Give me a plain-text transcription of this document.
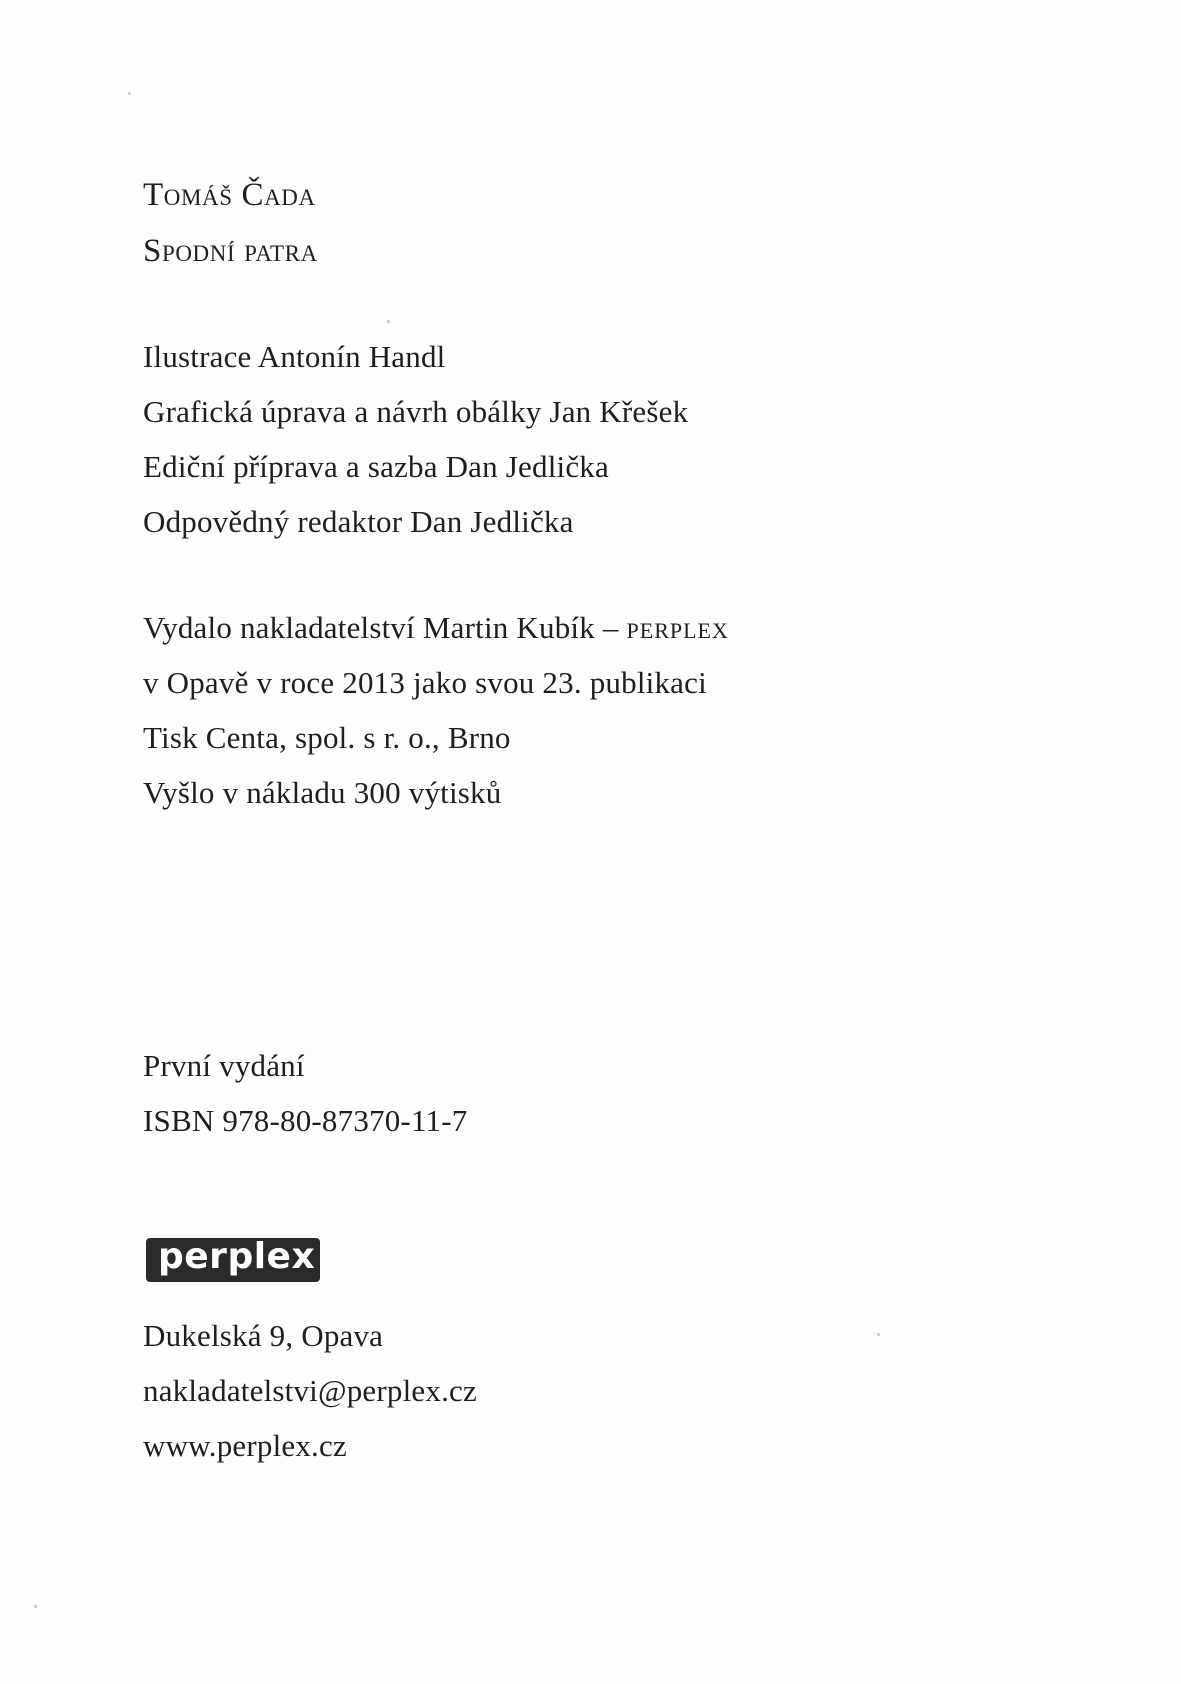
Tomáš Čada
Spodní patra
Ilustrace Antonín Handl
Grafická úprava a návrh obálky Jan Křešek
Ediční příprava a sazba Dan Jedlička
Odpovědný redaktor Dan Jedlička
Vydalo nakladatelství Martin Kubík – perplex
v Opavě v roce 2013 jako svou 23. publikaci
Tisk Centa, spol. s r. o., Brno
Vyšlo v nákladu 300 výtisků
První vydání
ISBN 978-80-87370-11-7
perplex
Dukelská 9, Opava
nakladatelstvi@perplex.cz
www.perplex.cz
